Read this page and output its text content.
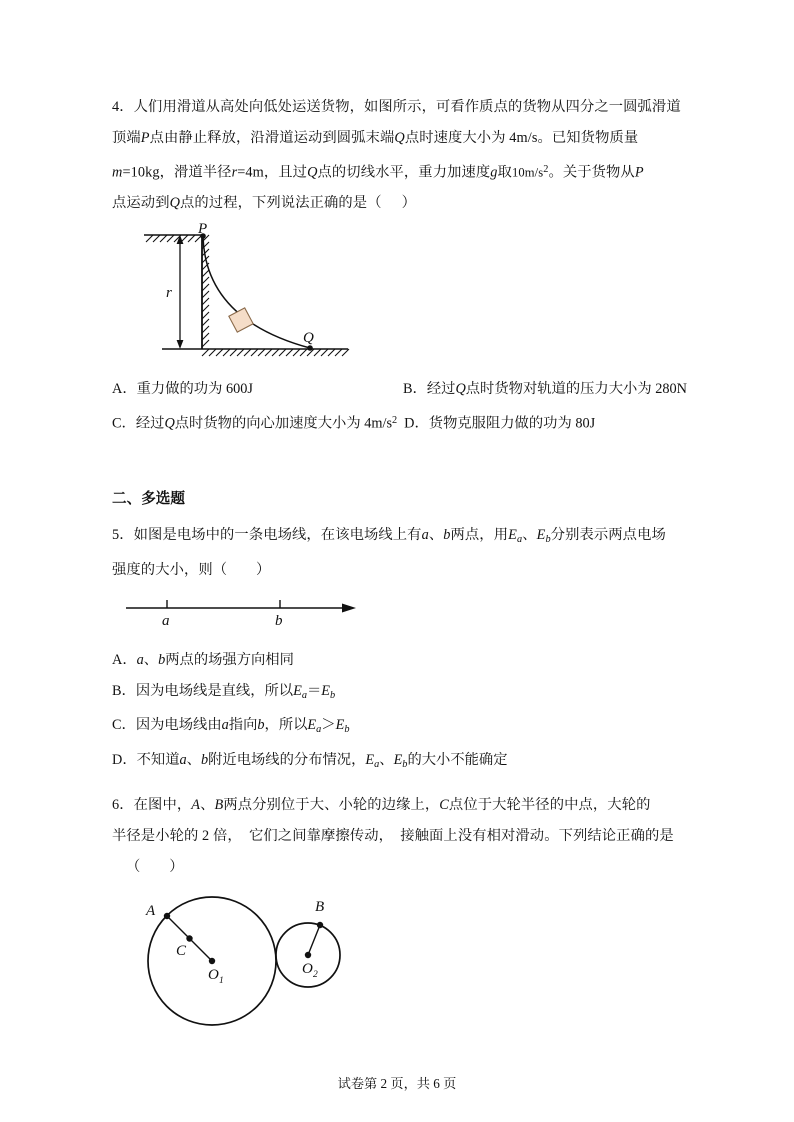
4．人们用滑道从高处向低处运送货物，如图所示，可看作质点的货物从四分之一圆弧滑道
顶端P点由静止释放，沿滑道运动到圆弧末端Q点时速度大小为 4m/s。已知货物质量
m=10kg，滑道半径r=4m，且过Q点的切线水平，重力加速度g取$10m/s^2$。关于货物从P
点运动到Q点的过程，下列说法正确的是（ ）
r
P
Q
A．重力做的功为 600J	B．经过Q点时货物对轨道的压力大小为 280N
C．经过Q点时货物的向心加速度大小为 $4m/s^2$ D．货物克服阻力做的功为 80J
二、多选题
5．如图是电场中的一条电场线，在该电场线上有a、b两点，用$E_a$、$E_b$分别表示两点电场
强度的大小，则（　　）
a	b
A．a、b两点的场强方向相同
B．因为电场线是直线，所以$E_a=E_b$
C．因为电场线由a指向b，所以$E_a>E_b$
D．不知道a、b附近电场线的分布情况，$E_a$、$E_b$的大小不能确定
6．在图中，A、B两点分别位于大、小轮的边缘上，C点位于大轮半径的中点，大轮的
半径是小轮的 2 倍，　它们之间靠摩擦传动，　接触面上没有相对滑动。下列结论正确的是
（　　）
A
C
B
O 1
O 2
试卷第 2 页，共 6 页
